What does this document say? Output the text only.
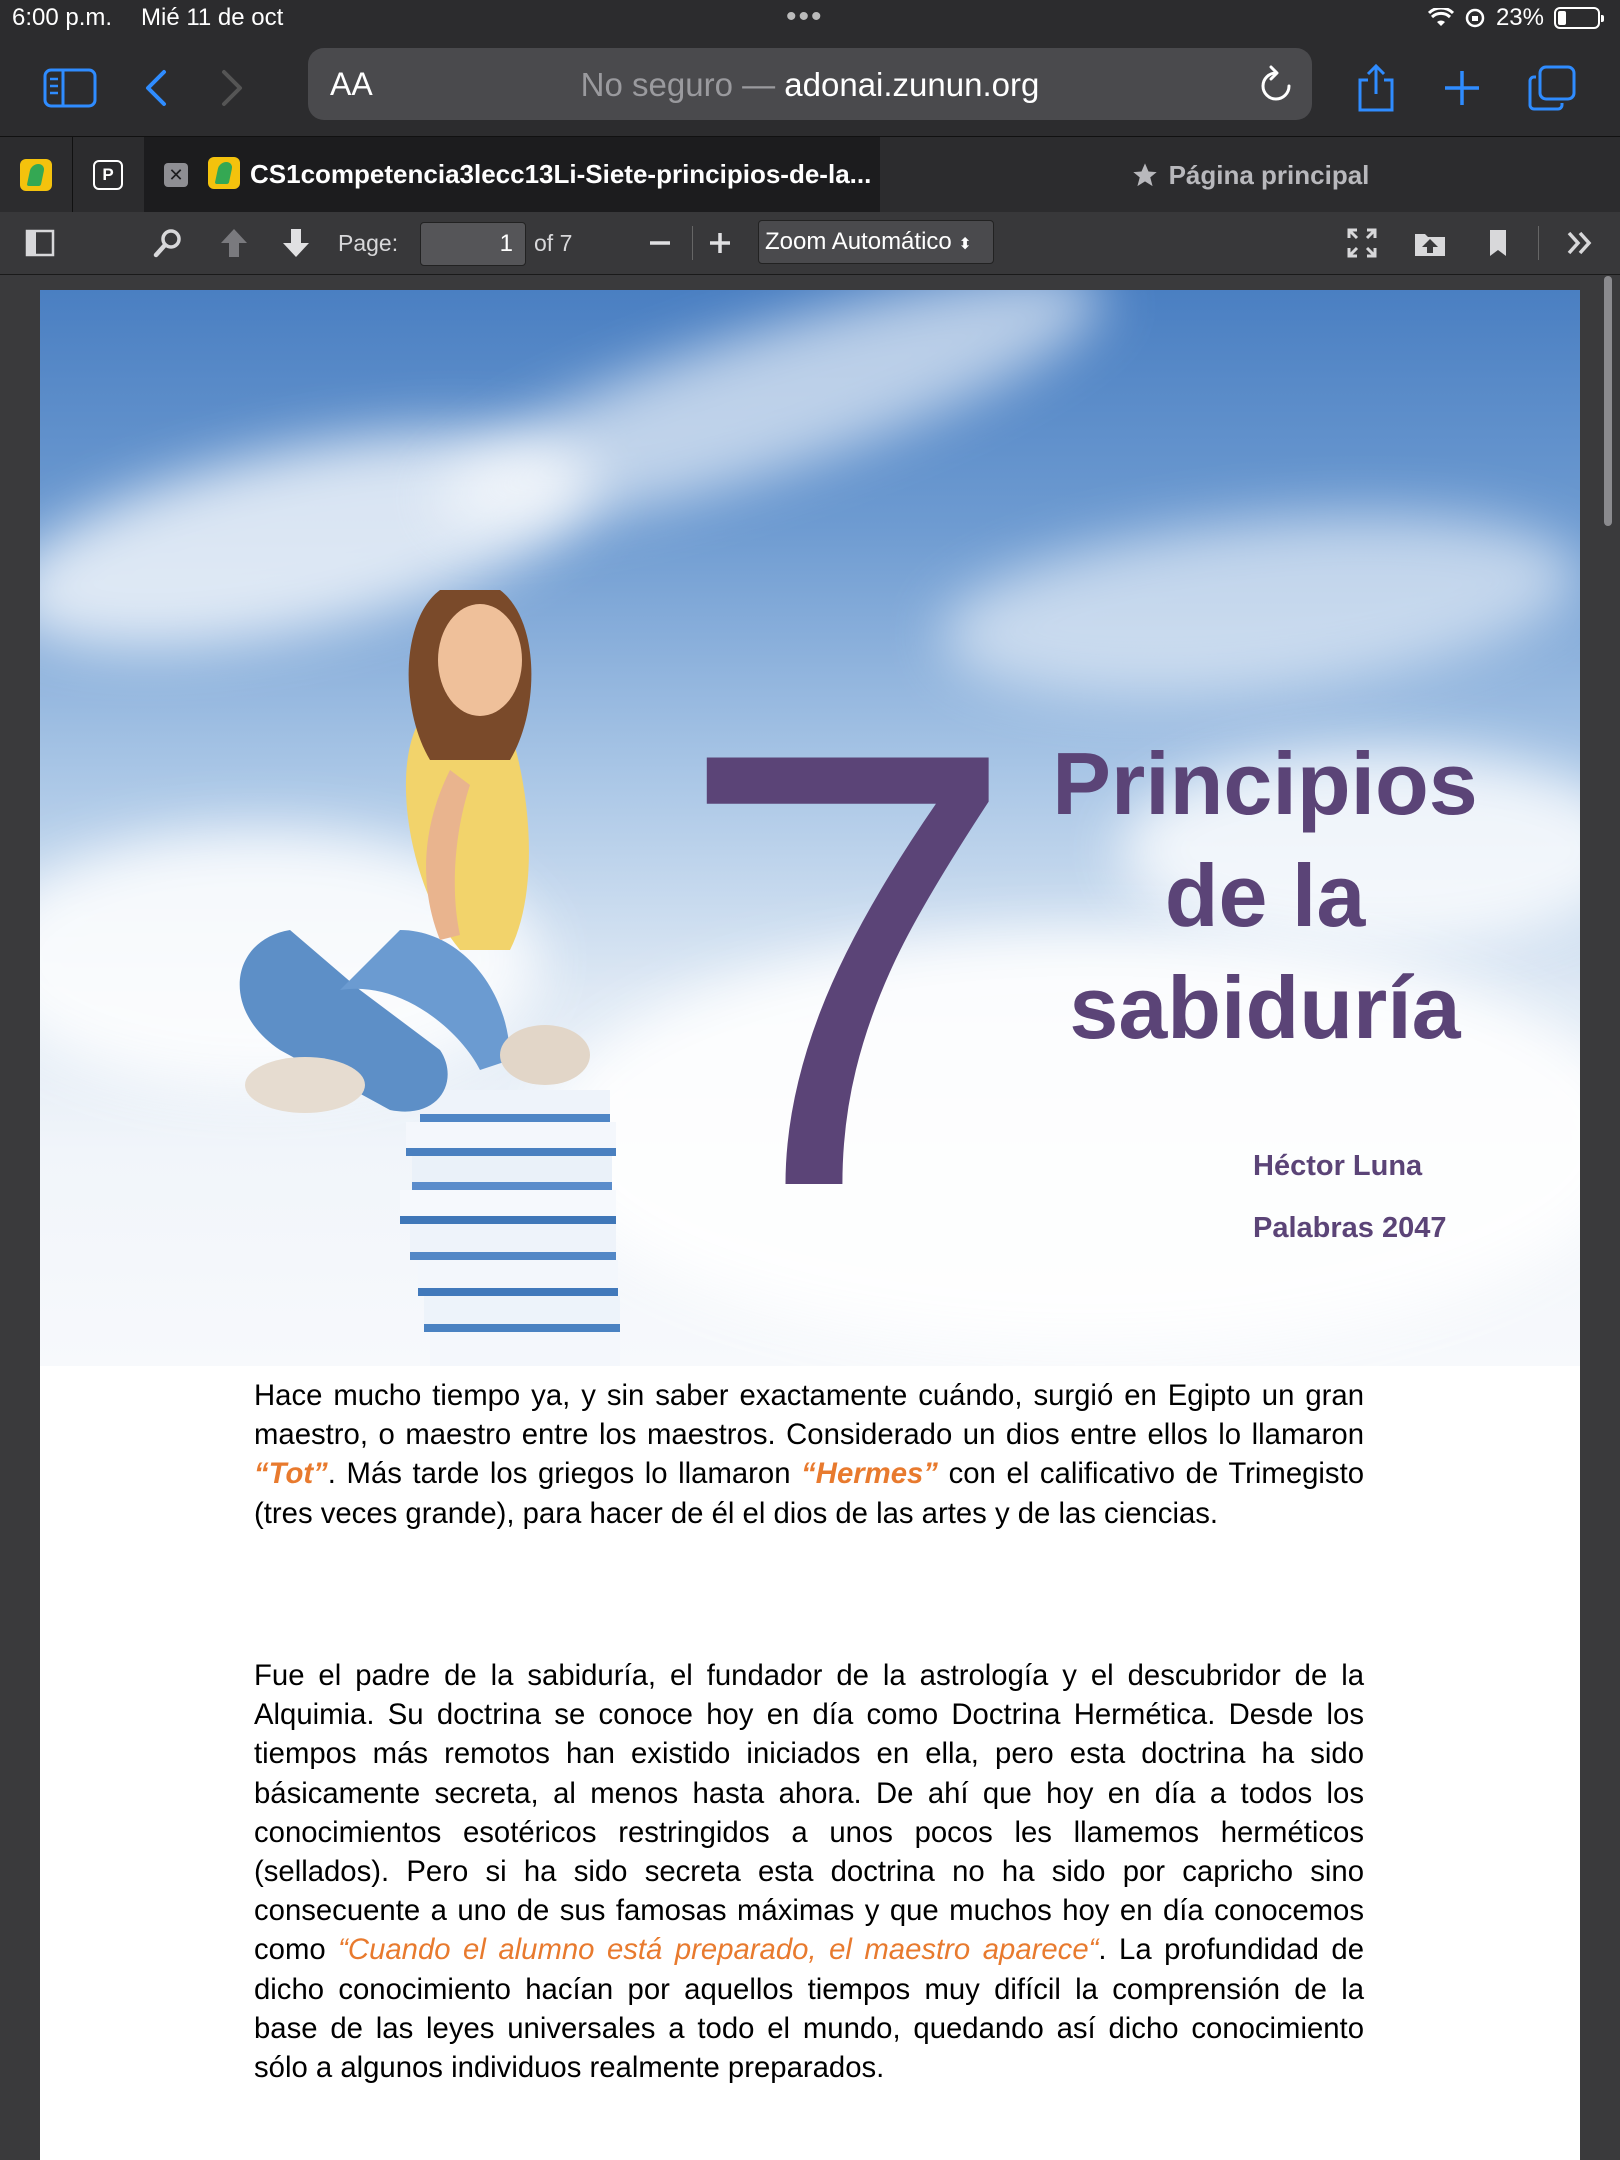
6:00 p.m. Mié 11 de oct	•••	23%
AA	No seguro — adonai.zunun.org
P	✕	CS1competencia3lecc13Li-Siete-principios-de-la...	Página principal
Page:	1 of 7	Zoom Automático ⬍
7 Principios
de la
sabiduría
Héctor Luna
Palabras 2047

Hace mucho tiempo ya, y sin saber exactamente cuándo, surgió en Egipto un gran maestro, o maestro entre los maestros. Considerado un dios entre ellos lo llamaron “Tot”. Más tarde los griegos lo llamaron “Hermes” con el calificativo de Trimegisto (tres veces grande), para hacer de él el dios de las artes y de las ciencias.

Fue el padre de la sabiduría, el fundador de la astrología y el descubridor de la Alquimia. Su doctrina se conoce hoy en día como Doctrina Hermética. Desde los tiempos más remotos han existido iniciados en ella, pero esta doctrina ha sido básicamente secreta, al menos hasta ahora. De ahí que hoy en día a todos los conocimientos esotéricos restringidos a unos pocos les llamemos herméticos (sellados). Pero si ha sido secreta esta doctrina no ha sido por capricho sino consecuente a uno de sus famosas máximas y que muchos hoy en día conocemos como “Cuando el alumno está preparado, el maestro aparece“. La profundidad de dicho conocimiento hacían por aquellos tiempos muy difícil la comprensión de la base de las leyes universales a todo el mundo, quedando así dicho conocimiento sólo a algunos individuos realmente preparados.
